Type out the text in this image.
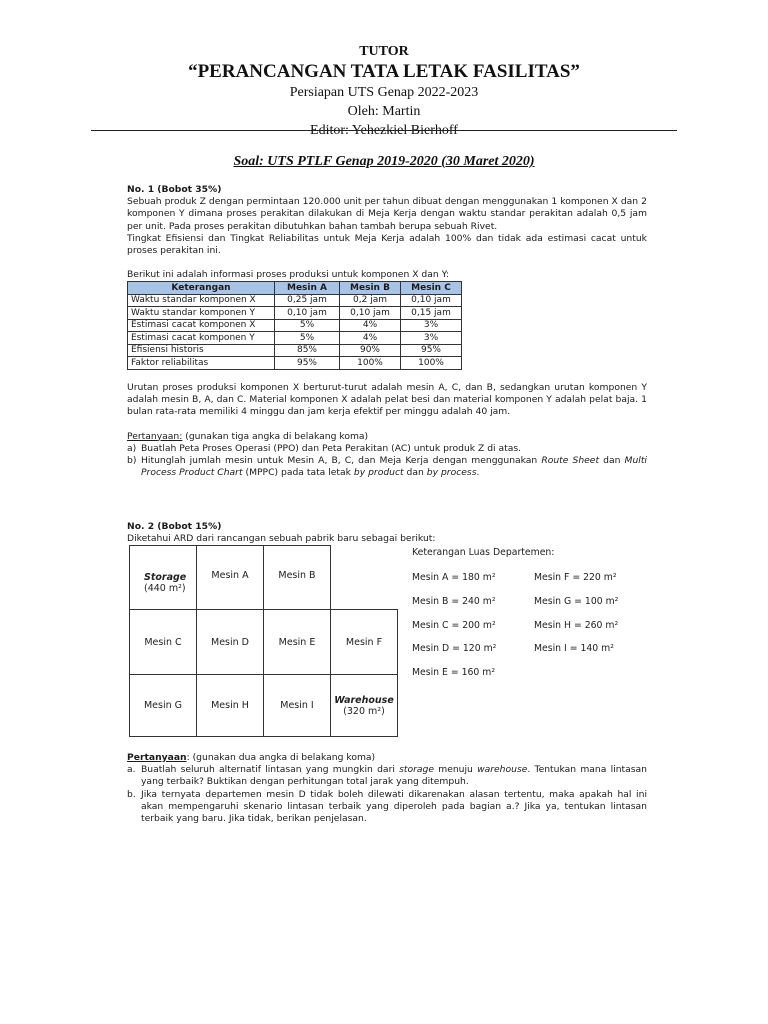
TUTOR
“PERANCANGAN TATA LETAK FASILITAS”
Persiapan UTS Genap 2022-2023
Oleh: Martin
Editor: Yehezkiel Bierhoff
Soal: UTS PTLF Genap 2019-2020 (30 Maret 2020)

No. 1 (Bobot 35%)

Sebuah produk Z dengan permintaan 120.000 unit per tahun dibuat dengan menggunakan 1 komponen X dan 2 komponen Y dimana proses perakitan dilakukan di Meja Kerja dengan waktu standar perakitan adalah 0,5 jam per unit. Pada proses perakitan dibutuhkan bahan tambah berupa sebuah Rivet.

Tingkat Efisiensi dan Tingkat Reliabilitas untuk Meja Kerja adalah 100% dan tidak ada estimasi cacat untuk proses perakitan ini.

Berikut ini adalah informasi proses produksi untuk komponen X dan Y:

Keterangan	Mesin A	Mesin B	Mesin C
Waktu standar komponen X	0,25 jam	0,2 jam	0,10 jam
Waktu standar komponen Y	0,10 jam	0,10 jam	0,15 jam
Estimasi cacat komponen X	5%	4%	3%
Estimasi cacat komponen Y	5%	4%	3%
Efisiensi historis	85%	90%	95%
Faktor reliabilitas	95%	100%	100%

Urutan proses produksi komponen X berturut-turut adalah mesin A, C, dan B, sedangkan urutan komponen Y adalah mesin B, A, dan C. Material komponen X adalah pelat besi dan material komponen Y adalah pelat baja. 1 bulan rata-rata memiliki 4 minggu dan jam kerja efektif per minggu adalah 40 jam.

Pertanyaan: (gunakan tiga angka di belakang koma)

a) Buatlah Peta Proses Operasi (PPO) dan Peta Perakitan (AC) untuk produk Z di atas.
b) Hitunglah jumlah mesin untuk Mesin A, B, C, dan Meja Kerja dengan menggunakan Route Sheet dan Multi Process Product Chart (MPPC) pada tata letak by product dan by process.

No. 2 (Bobot 15%)

Diketahui ARD dari rancangan sebuah pabrik baru sebagai berikut:

Storage
(440 m²)
Mesin A	Mesin B
Mesin C	Mesin D	Mesin E	Mesin F
Mesin G	Mesin H	Mesin I Warehouse
(320 m²)
Keterangan Luas Departemen:
Mesin A = 180 m²
Mesin B = 240 m²
Mesin C = 200 m²
Mesin D = 120 m²
Mesin E = 160 m²
Mesin F = 220 m²
Mesin G = 100 m²
Mesin H = 260 m²
Mesin I = 140 m²

Pertanyaan: (gunakan dua angka di belakang koma)

a. Buatlah seluruh alternatif lintasan yang mungkin dari storage menuju warehouse. Tentukan mana lintasan yang terbaik? Buktikan dengan perhitungan total jarak yang ditempuh.
b. Jika ternyata departemen mesin D tidak boleh dilewati dikarenakan alasan tertentu, maka apakah hal ini akan mempengaruhi skenario lintasan terbaik yang diperoleh pada bagian a.? Jika ya, tentukan lintasan terbaik yang baru. Jika tidak, berikan penjelasan.
